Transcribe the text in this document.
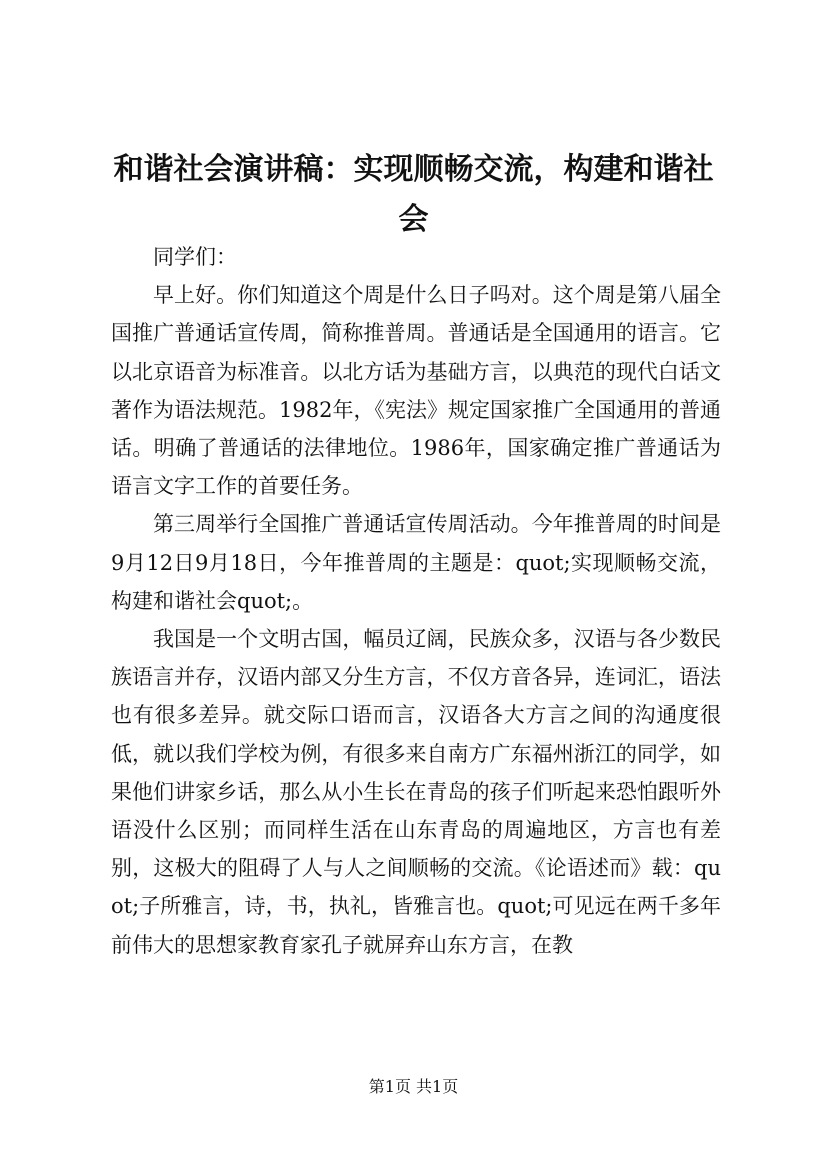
和谐社会演讲稿：实现顺畅交流，构建和谐社会

同学们：

早上好。你们知道这个周是什么日子吗对。这个周是第八届全国推广普通话宣传周，简称推普周。普通话是全国通用的语言。它以北京语音为标准音。以北方话为基础方言，以典范的现代白话文著作为语法规范。1982年，《宪法》规定国家推广全国通用的普通话。明确了普通话的法律地位。1986年，国家确定推广普通话为语言文字工作的首要任务。

第三周举行全国推广普通话宣传周活动。今年推普周的时间是9月12日9月18日，今年推普周的主题是：quot;实现顺畅交流，构建和谐社会quot;。

我国是一个文明古国，幅员辽阔，民族众多，汉语与各少数民族语言并存，汉语内部又分生方言，不仅方音各异，连词汇，语法也有很多差异。就交际口语而言，汉语各大方言之间的沟通度很低，就以我们学校为例，有很多来自南方广东福州浙江的同学，如果他们讲家乡话，那么从小生长在青岛的孩子们听起来恐怕跟听外语没什么区别；而同样生活在山东青岛的周遍地区，方言也有差别，这极大的阻碍了人与人之间顺畅的交流。《论语述而》载：quot;子所雅言，诗，书，执礼，皆雅言也。quot;可见远在两千多年前伟大的思想家教育家孔子就屏弃山东方言，在教

第1页 共1页
